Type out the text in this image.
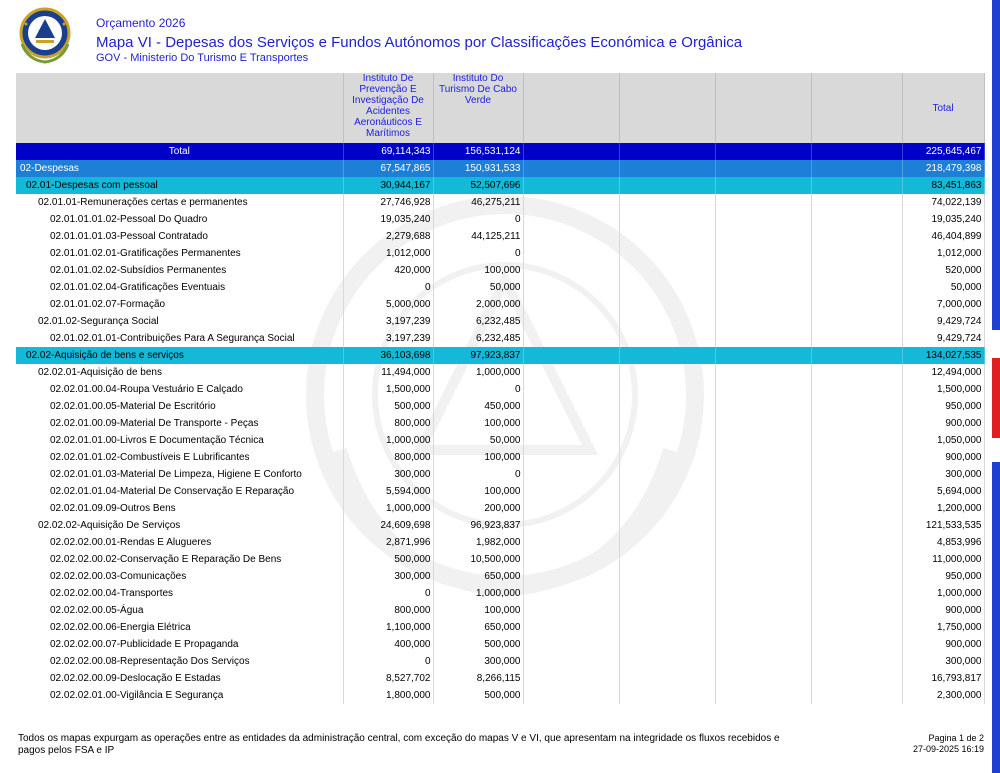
Orçamento 2026
Mapa VI - Depesas dos Serviços e Fundos Autónomos por Classificações Económica e Orgânica
GOV - Ministerio Do Turismo E Transportes
	Instituto De Prevenção E Investigação De Acidentes Aeronáuticos E Marítimos	Instituto Do Turismo De Cabo Verde					Total
Total	69,114,343	156,531,124					225,645,467
02-Despesas	67,547,865	150,931,533					218,479,398
02.01-Despesas com pessoal	30,944,167	52,507,696					83,451,863
02.01.01-Remunerações certas e permanentes	27,746,928	46,275,211					74,022,139
02.01.01.01.02-Pessoal Do Quadro	19,035,240	0					19,035,240
02.01.01.01.03-Pessoal Contratado	2,279,688	44,125,211					46,404,899
02.01.01.02.01-Gratificações Permanentes	1,012,000	0					1,012,000
02.01.01.02.02-Subsídios Permanentes	420,000	100,000					520,000
02.01.01.02.04-Gratificações Eventuais	0	50,000					50,000
02.01.01.02.07-Formação	5,000,000	2,000,000					7,000,000
02.01.02-Segurança Social	3,197,239	6,232,485					9,429,724
02.01.02.01.01-Contribuições Para A Segurança Social	3,197,239	6,232,485					9,429,724
02.02-Aquisição de bens e serviços	36,103,698	97,923,837					134,027,535
02.02.01-Aquisição de bens	11,494,000	1,000,000					12,494,000
02.02.01.00.04-Roupa Vestuário E Calçado	1,500,000	0					1,500,000
02.02.01.00.05-Material De Escritório	500,000	450,000					950,000
02.02.01.00.09-Material De Transporte - Peças	800,000	100,000					900,000
02.02.01.01.00-Livros E Documentação Técnica	1,000,000	50,000					1,050,000
02.02.01.01.02-Combustíveis E Lubrificantes	800,000	100,000					900,000
02.02.01.01.03-Material De Limpeza, Higiene E Conforto	300,000	0					300,000
02.02.01.01.04-Material De Conservação E Reparação	5,594,000	100,000					5,694,000
02.02.01.09.09-Outros Bens	1,000,000	200,000					1,200,000
02.02.02-Aquisição De Serviços	24,609,698	96,923,837					121,533,535
02.02.02.00.01-Rendas E Alugueres	2,871,996	1,982,000					4,853,996
02.02.02.00.02-Conservação E Reparação De Bens	500,000	10,500,000					11,000,000
02.02.02.00.03-Comunicações	300,000	650,000					950,000
02.02.02.00.04-Transportes	0	1,000,000					1,000,000
02.02.02.00.05-Água	800,000	100,000					900,000
02.02.02.00.06-Energia Elétrica	1,100,000	650,000					1,750,000
02.02.02.00.07-Publicidade E Propaganda	400,000	500,000					900,000
02.02.02.00.08-Representação Dos Serviços	0	300,000					300,000
02.02.02.00.09-Deslocação E Estadas	8,527,702	8,266,115					16,793,817
02.02.02.01.00-Vigilância E Segurança	1,800,000	500,000					2,300,000
Todos os mapas expurgam as operações entre as entidades da administração central, com exceção do mapas V e VI, que apresentam na integridade os fluxos recebidos e pagos pelos FSA e IP
Pagina 1 de 2
27-09-2025 16:19
